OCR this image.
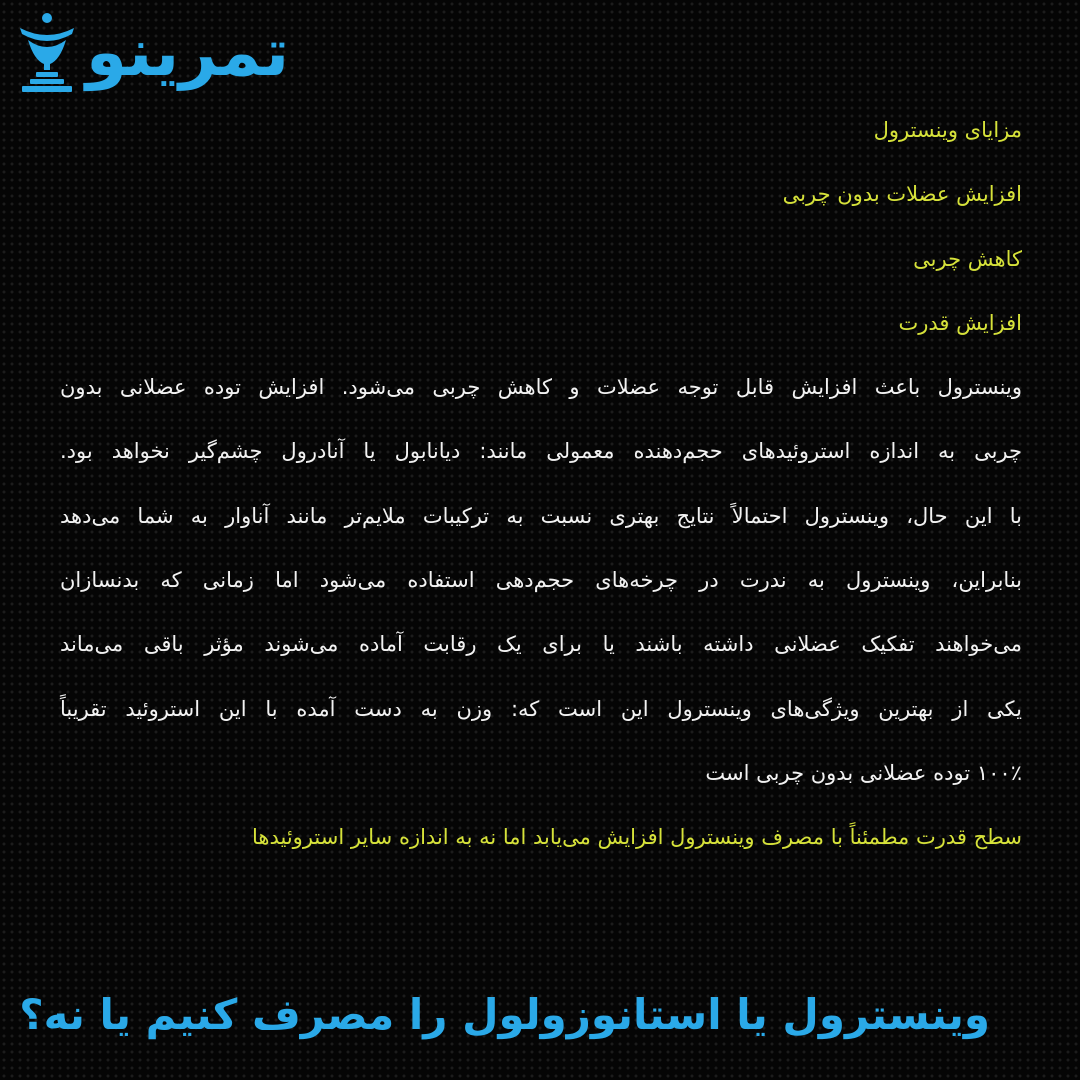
تمرینو
مزایای وینسترول
افزایش عضلات بدون چربی
کاهش چربی
افزایش قدرت
وینسترول باعث افزایش قابل توجه عضلات و کاهش چربی می‌شود. افزایش توده عضلانی بدون
چربی به اندازه استروئیدهای حجم‌دهنده معمولی مانند: دیانابول یا آنادرول چشم‌گیر نخواهد بود.
با این حال، وینسترول احتمالاً نتایج بهتری نسبت به ترکیبات ملایم‌تر مانند آناوار به شما می‌دهد
بنابراین، وینسترول به ندرت در چرخه‌های حجم‌دهی استفاده می‌شود اما زمانی که بدنسازان
می‌خواهند تفکیک عضلانی داشته باشند یا برای یک رقابت آماده می‌شوند مؤثر باقی می‌ماند
یکی از بهترین ویژگی‌های وینسترول این است که: وزن به دست آمده با این استروئید تقریباً
۱۰۰٪ توده عضلانی بدون چربی است
سطح قدرت مطمئناً با مصرف وینسترول افزایش می‌یابد اما نه به اندازه سایر استروئیدها
وینسترول یا استانوزولول را مصرف کنیم یا نه؟
